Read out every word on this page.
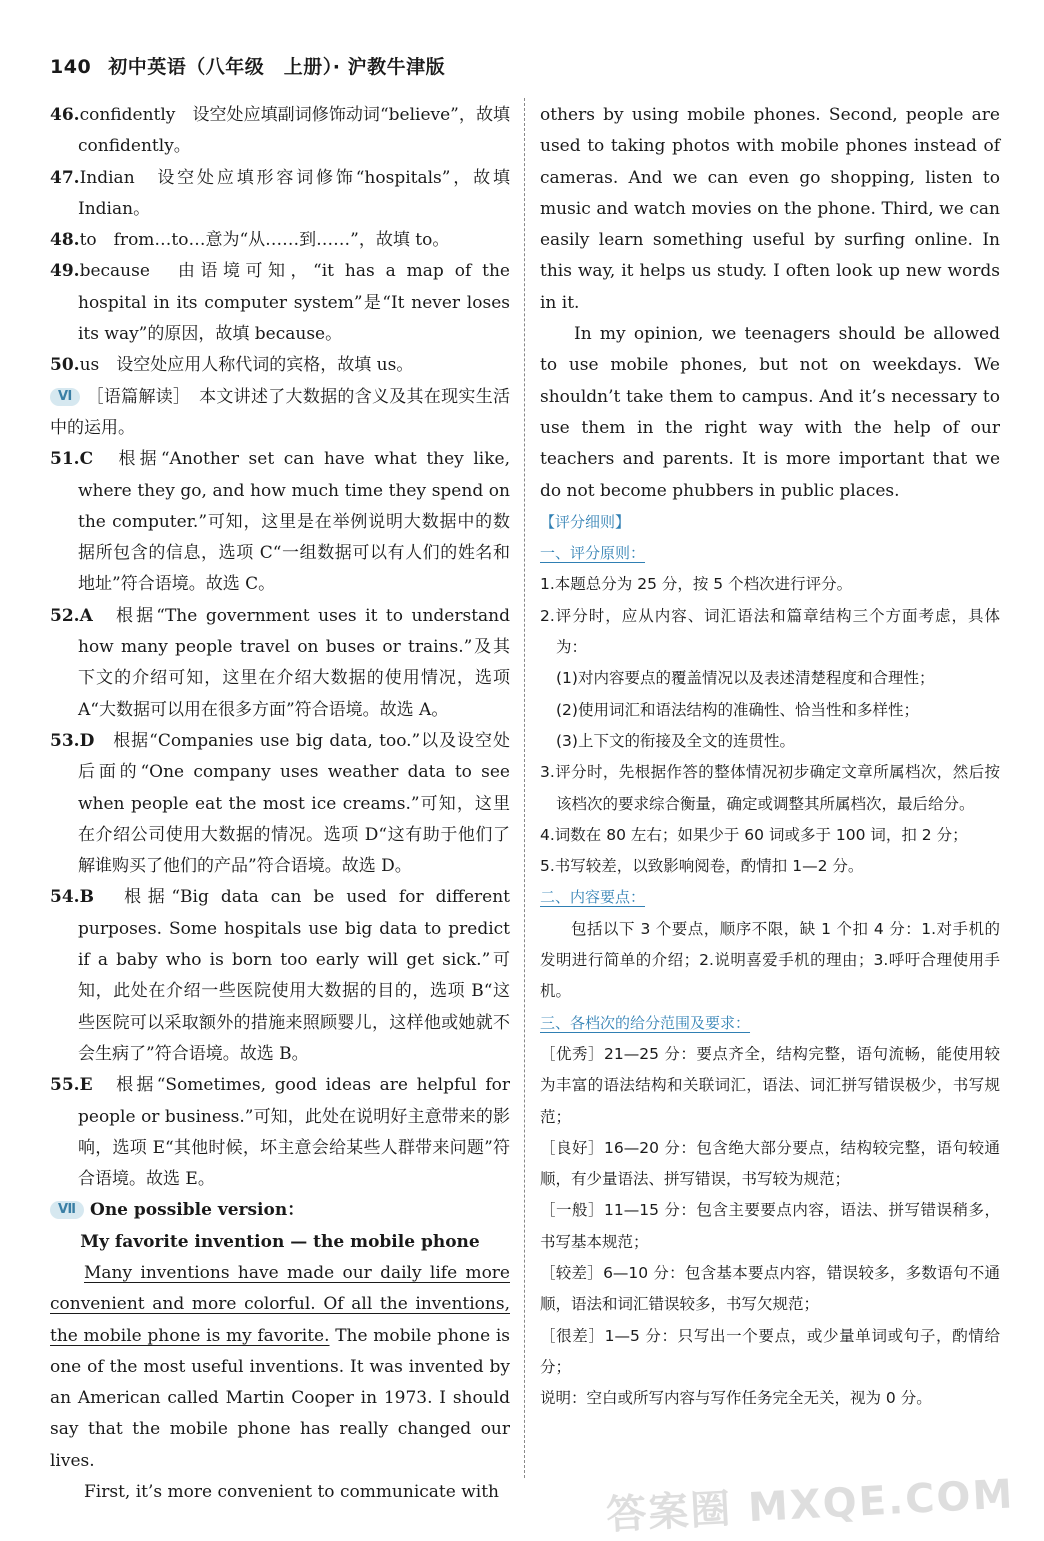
140 初中英语（八年级　上册）· 沪教牛津版
46.confidently　设空处应填副词修饰动词“believe”，故填 confidently。
47.Indian　设空处应填形容词修饰“hospitals”，故填 Indian。
48.to　from…to…意为“从……到……”，故填 to。
49.because　由语境可知，“it has a map of the hospital in its computer system”是“It never loses its way”的原因，故填 because。
50.us　设空处应用人称代词的宾格，故填 us。
Ⅵ ［语篇解读］　本文讲述了大数据的含义及其在现实生活中的运用。
51.C　 根据“Another set can have what they like, where they go, and how much time they spend on the computer.”可知，这里是在举例说明大数据中的数据所包含的信息，选项 C“一组数据可以有人们的姓名和地址”符合语境。故选 C。
52.A　 根据“The government uses it to understand how many people travel on buses or trains.”及其下文的介绍可知，这里在介绍大数据的使用情况，选项 A“大数据可以用在很多方面”符合语境。故选 A。
53.D　 根据“Companies use big data, too.”以及设空处后面的“One company uses weather data to see when people eat the most ice creams.”可知，这里在介绍公司使用大数据的情况。选项 D“这有助于他们了解谁购买了他们的产品”符合语境。故选 D。
54.B　 根据“Big data can be used for different purposes. Some hospitals use big data to predict if a baby who is born too early will get sick.”可知，此处在介绍一些医院使用大数据的目的，选项 B“这些医院可以采取额外的措施来照顾婴儿，这样他或她就不会生病了”符合语境。故选 B。
55.E　 根据“Sometimes, good ideas are helpful for people or business.”可知，此处在说明好主意带来的影响，选项 E“其他时候，坏主意会给某些人群带来问题”符合语境。故选 E。
Ⅶ One possible version：
My favorite invention — the mobile phone
Many inventions have made our daily life more convenient and more colorful. Of all the inventions, the mobile phone is my favorite. The mobile phone is one of the most useful inventions. It was invented by an American called Martin Cooper in 1973. I should say that the mobile phone has really changed our lives.
First, it’s more convenient to communicate with
others by using mobile phones. Second, people are used to taking photos with mobile phones instead of cameras. And we can even go shopping, listen to music and watch movies on the phone. Third, we can easily learn something useful by surfing online. In this way, it helps us study. I often look up new words in it.
In my opinion, we teenagers should be allowed to use mobile phones, but not on weekdays. We shouldn’t take them to campus. And it’s necessary to use them in the right way with the help of our teachers and parents. It is more important that we do not become phubbers in public places.
【评分细则】
一、评分原则：
1.本题总分为 25 分，按 5 个档次进行评分。
2.评分时，应从内容、词汇语法和篇章结构三个方面考虑，具体为：
(1)对内容要点的覆盖情况以及表述清楚程度和合理性；
(2)使用词汇和语法结构的准确性、恰当性和多样性；
(3)上下文的衔接及全文的连贯性。
3.评分时，先根据作答的整体情况初步确定文章所属档次，然后按该档次的要求综合衡量，确定或调整其所属档次，最后给分。
4.词数在 80 左右；如果少于 60 词或多于 100 词，扣 2 分；
5.书写较差，以致影响阅卷，酌情扣 1—2 分。
二、内容要点：
包括以下 3 个要点，顺序不限，缺 1 个扣 4 分：1.对手机的发明进行简单的介绍；2.说明喜爱手机的理由；3.呼吁合理使用手机。
三、各档次的给分范围及要求：
［优秀］21—25 分：要点齐全，结构完整，语句流畅，能使用较为丰富的语法结构和关联词汇，语法、词汇拼写错误极少，书写规范；
［良好］16—20 分：包含绝大部分要点，结构较完整，语句较通顺，有少量语法、拼写错误，书写较为规范；
［一般］11—15 分：包含主要要点内容，语法、拼写错误稍多，书写基本规范；
［较差］6—10 分：包含基本要点内容，错误较多，多数语句不通顺，语法和词汇错误较多，书写欠规范；
［很差］1—5 分：只写出一个要点，或少量单词或句子，酌情给分；
说明：空白或所写内容与写作任务完全无关，视为 0 分。
答案圈 MXQE.COM
